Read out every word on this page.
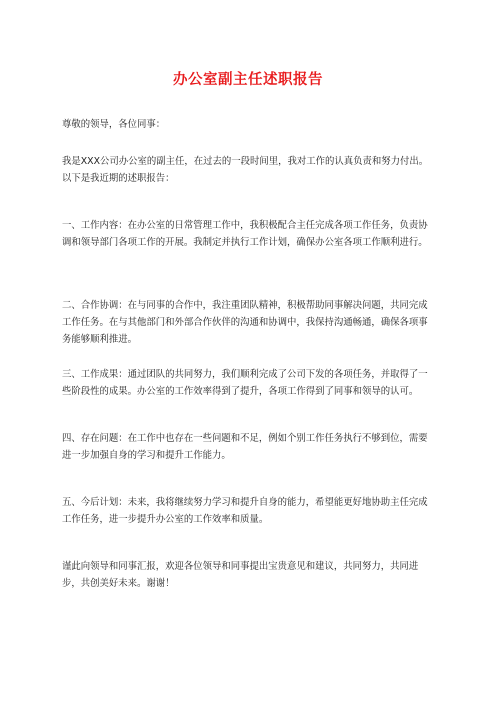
办公室副主任述职报告

尊敬的领导，各位同事：

我是XXX公司办公室的副主任，在过去的一段时间里，我对工作的认真负责和努力付出。以下是我近期的述职报告：

一、工作内容：在办公室的日常管理工作中，我积极配合主任完成各项工作任务，负责协调和领导部门各项工作的开展。我制定并执行工作计划，确保办公室各项工作顺利进行。

二、合作协调：在与同事的合作中，我注重团队精神，积极帮助同事解决问题，共同完成工作任务。在与其他部门和外部合作伙伴的沟通和协调中，我保持沟通畅通，确保各项事务能够顺利推进。

三、工作成果：通过团队的共同努力，我们顺利完成了公司下发的各项任务，并取得了一些阶段性的成果。办公室的工作效率得到了提升，各项工作得到了同事和领导的认可。

四、存在问题：在工作中也存在一些问题和不足，例如个别工作任务执行不够到位，需要进一步加强自身的学习和提升工作能力。

五、今后计划：未来，我将继续努力学习和提升自身的能力，希望能更好地协助主任完成工作任务，进一步提升办公室的工作效率和质量。

谨此向领导和同事汇报，欢迎各位领导和同事提出宝贵意见和建议，共同努力，共同进步，共创美好未来。谢谢！
